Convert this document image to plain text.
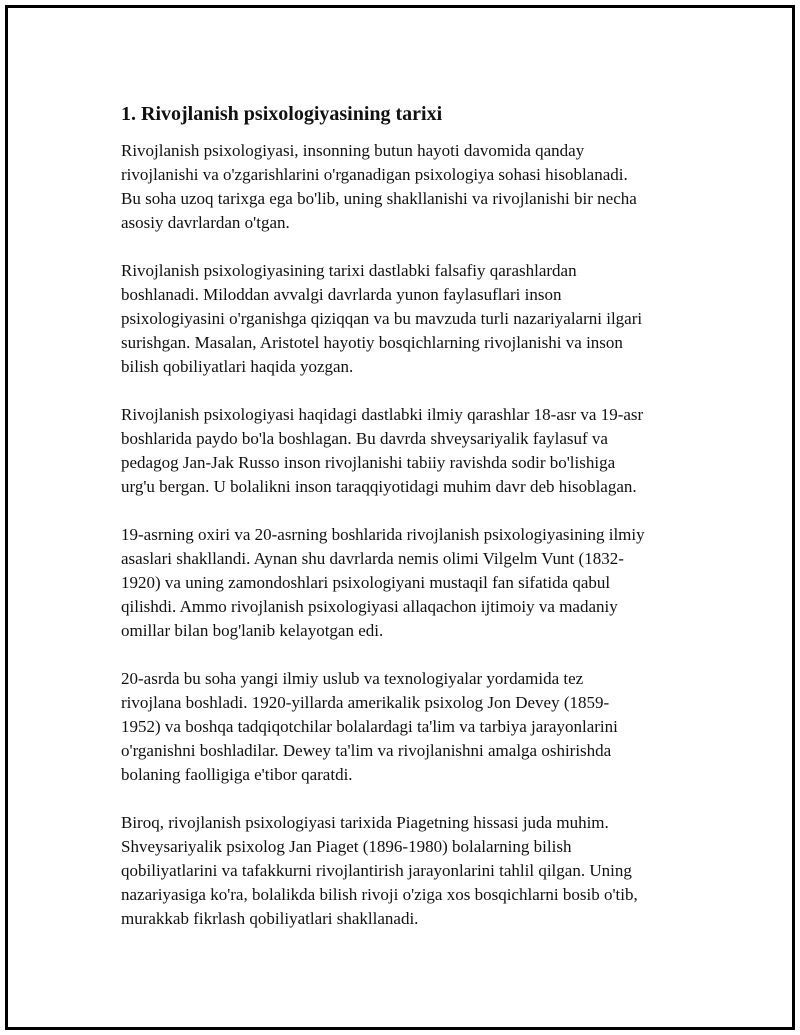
1. Rivojlanish psixologiyasining tarixi

Rivojlanish psixologiyasi, insonning butun hayoti davomida qanday
rivojlanishi va o'zgarishlarini o'rganadigan psixologiya sohasi hisoblanadi.
Bu soha uzoq tarixga ega bo'lib, uning shakllanishi va rivojlanishi bir necha
asosiy davrlardan o'tgan.

Rivojlanish psixologiyasining tarixi dastlabki falsafiy qarashlardan
boshlanadi. Miloddan avvalgi davrlarda yunon faylasuflari inson
psixologiyasini o'rganishga qiziqqan va bu mavzuda turli nazariyalarni ilgari
surishgan. Masalan, Aristotel hayotiy bosqichlarning rivojlanishi va inson
bilish qobiliyatlari haqida yozgan.

Rivojlanish psixologiyasi haqidagi dastlabki ilmiy qarashlar 18-asr va 19-asr
boshlarida paydo bo'la boshlagan. Bu davrda shveysariyalik faylasuf va
pedagog Jan-Jak Russo inson rivojlanishi tabiiy ravishda sodir bo'lishiga
urg'u bergan. U bolalikni inson taraqqiyotidagi muhim davr deb hisoblagan.

19-asrning oxiri va 20-asrning boshlarida rivojlanish psixologiyasining ilmiy
asaslari shakllandi. Aynan shu davrlarda nemis olimi Vilgelm Vunt (1832-
1920) va uning zamondoshlari psixologiyani mustaqil fan sifatida qabul
qilishdi. Ammo rivojlanish psixologiyasi allaqachon ijtimoiy va madaniy
omillar bilan bog'lanib kelayotgan edi.

20-asrda bu soha yangi ilmiy uslub va texnologiyalar yordamida tez
rivojlana boshladi. 1920-yillarda amerikalik psixolog Jon Devey (1859-
1952) va boshqa tadqiqotchilar bolalardagi ta'lim va tarbiya jarayonlarini
o'rganishni boshladilar. Dewey ta'lim va rivojlanishni amalga oshirishda
bolaning faolligiga e'tibor qaratdi.

Biroq, rivojlanish psixologiyasi tarixida Piagetning hissasi juda muhim.
Shveysariyalik psixolog Jan Piaget (1896-1980) bolalarning bilish
qobiliyatlarini va tafakkurni rivojlantirish jarayonlarini tahlil qilgan. Uning
nazariyasiga ko'ra, bolalikda bilish rivoji o'ziga xos bosqichlarni bosib o'tib,
murakkab fikrlash qobiliyatlari shakllanadi.
